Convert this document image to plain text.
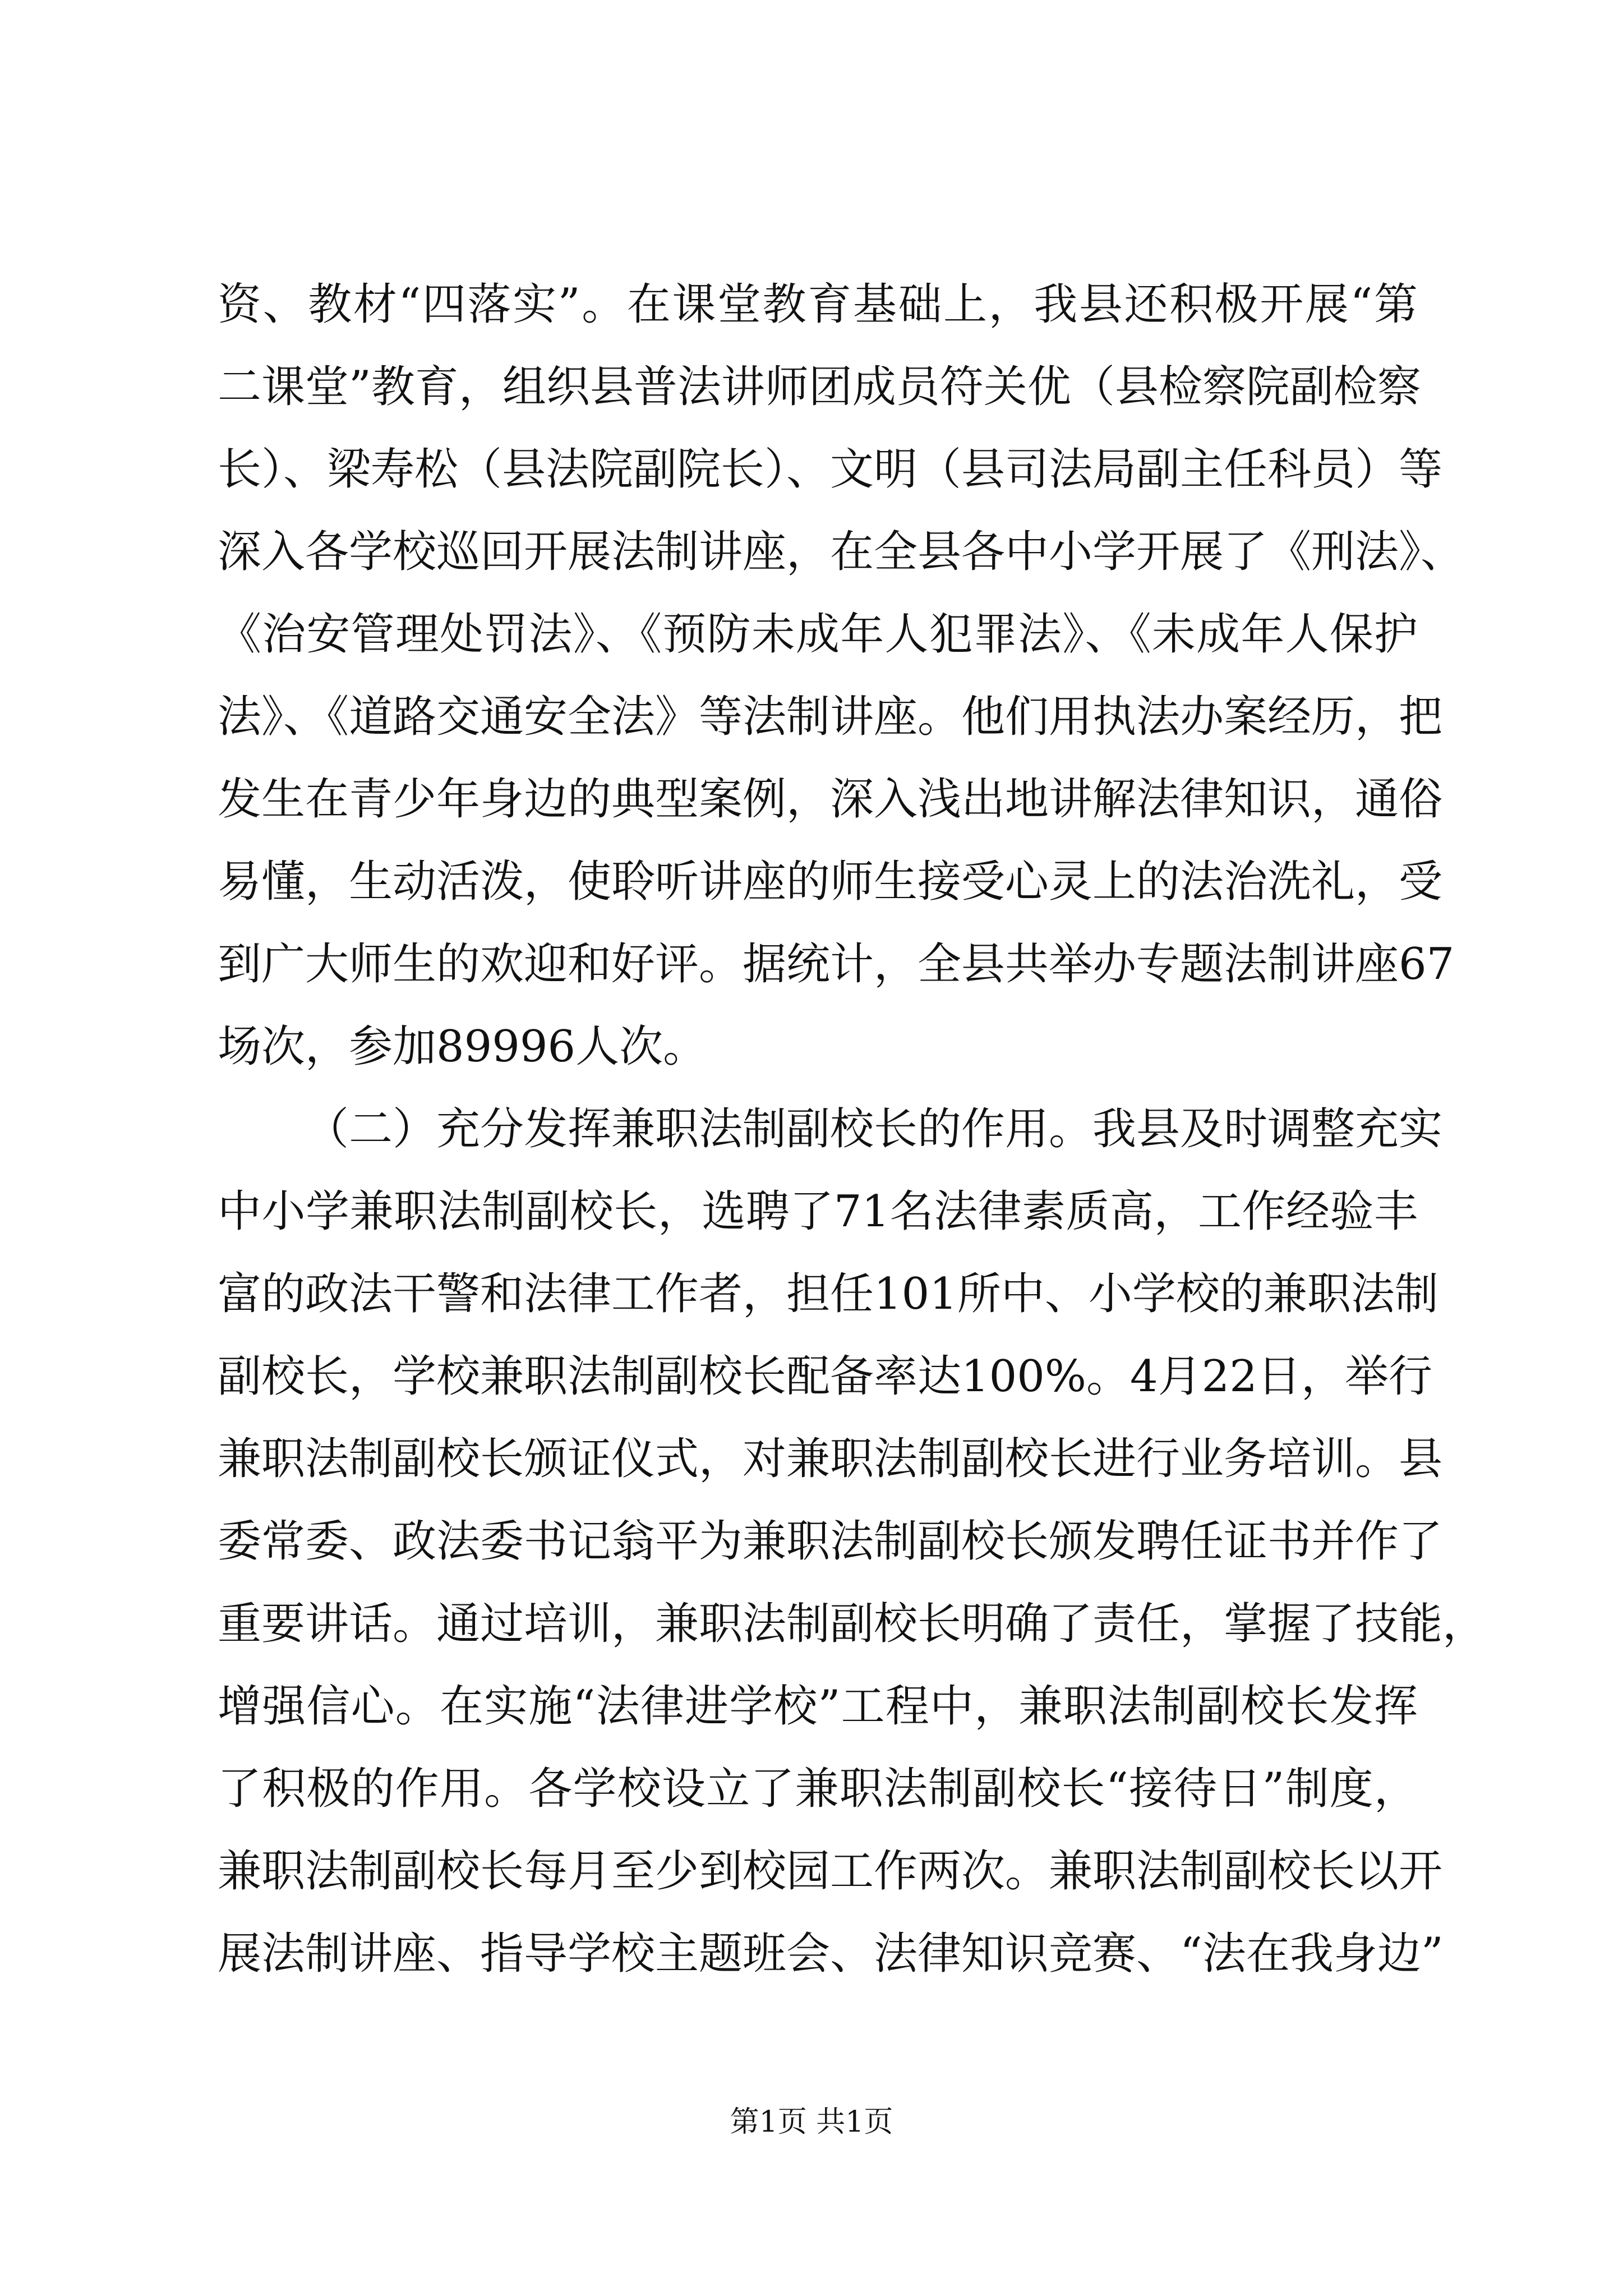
资、教材“四落实”。在课堂教育基础上，我县还积极开展“第
二课堂”教育，组织县普法讲师团成员符关优（县检察院副检察
长）、梁寿松（县法院副院长）、文明（县司法局副主任科员）等
深入各学校巡回开展法制讲座，在全县各中小学开展了《刑法》、
《治安管理处罚法》、《预防未成年人犯罪法》、《未成年人保护
法》、《道路交通安全法》等法制讲座。他们用执法办案经历，把
发生在青少年身边的典型案例，深入浅出地讲解法律知识，通俗
易懂，生动活泼，使聆听讲座的师生接受心灵上的法治洗礼，受
到广大师生的欢迎和好评。据统计，全县共举办专题法制讲座67
场次，参加89996人次。
（二）充分发挥兼职法制副校长的作用。我县及时调整充实
中小学兼职法制副校长，选聘了71名法律素质高，工作经验丰
富的政法干警和法律工作者，担任101所中、小学校的兼职法制
副校长，学校兼职法制副校长配备率达100%。4月22日，举行
兼职法制副校长颁证仪式，对兼职法制副校长进行业务培训。县
委常委、政法委书记翁平为兼职法制副校长颁发聘任证书并作了
重要讲话。通过培训，兼职法制副校长明确了责任，掌握了技能，
增强信心。在实施“法律进学校”工程中，兼职法制副校长发挥
了积极的作用。各学校设立了兼职法制副校长“接待日”制度，
兼职法制副校长每月至少到校园工作两次。兼职法制副校长以开
展法制讲座、指导学校主题班会、法律知识竞赛、“法在我身边”
第1页 共1页
